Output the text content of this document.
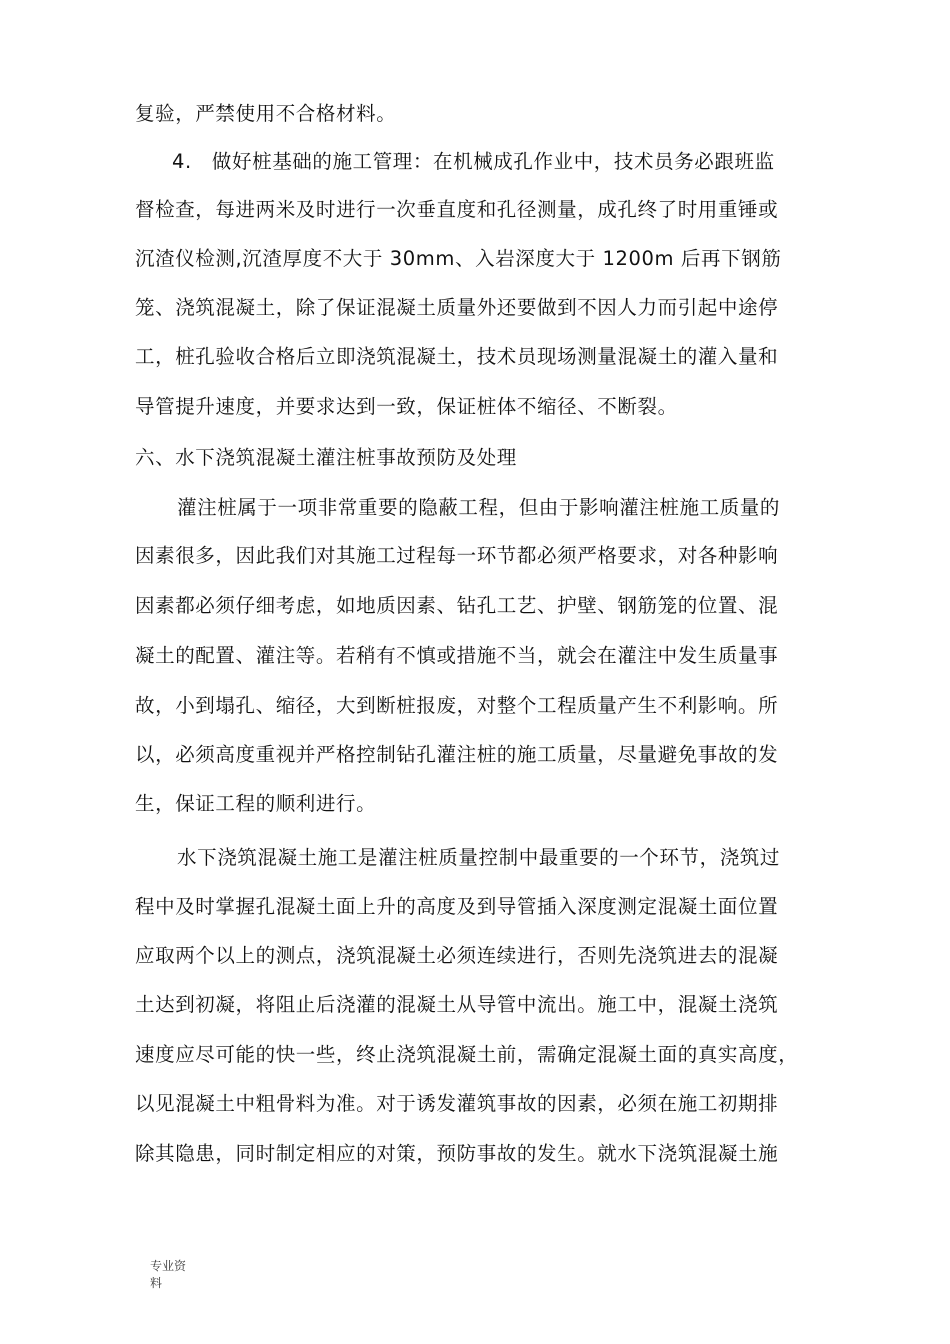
复验，严禁使用不合格材料。
4.　做好桩基础的施工管理：在机械成孔作业中，技术员务必跟班监
督检查，每进两米及时进行一次垂直度和孔径测量，成孔终了时用重锤或
沉渣仪检测,沉渣厚度不大于 30mm、入岩深度大于 1200m 后再下钢筋
笼、浇筑混凝土，除了保证混凝土质量外还要做到不因人力而引起中途停
工，桩孔验收合格后立即浇筑混凝土，技术员现场测量混凝土的灌入量和
导管提升速度，并要求达到一致，保证桩体不缩径、不断裂。
六、水下浇筑混凝土灌注桩事故预防及处理
灌注桩属于一项非常重要的隐蔽工程，但由于影响灌注桩施工质量的
因素很多，因此我们对其施工过程每一环节都必须严格要求，对各种影响
因素都必须仔细考虑，如地质因素、钻孔工艺、护壁、钢筋笼的位置、混
凝土的配置、灌注等。若稍有不慎或措施不当，就会在灌注中发生质量事
故，小到塌孔、缩径，大到断桩报废，对整个工程质量产生不利影响。所
以，必须高度重视并严格控制钻孔灌注桩的施工质量，尽量避免事故的发
生，保证工程的顺利进行。
水下浇筑混凝土施工是灌注桩质量控制中最重要的一个环节，浇筑过
程中及时掌握孔混凝土面上升的高度及到导管插入深度测定混凝土面位置
应取两个以上的测点，浇筑混凝土必须连续进行，否则先浇筑进去的混凝
土达到初凝，将阻止后浇灌的混凝土从导管中流出。施工中，混凝土浇筑
速度应尽可能的快一些，终止浇筑混凝土前，需确定混凝土面的真实高度，
以见混凝土中粗骨料为准。对于诱发灌筑事故的因素，必须在施工初期排
除其隐患，同时制定相应的对策，预防事故的发生。就水下浇筑混凝土施
专业资料
